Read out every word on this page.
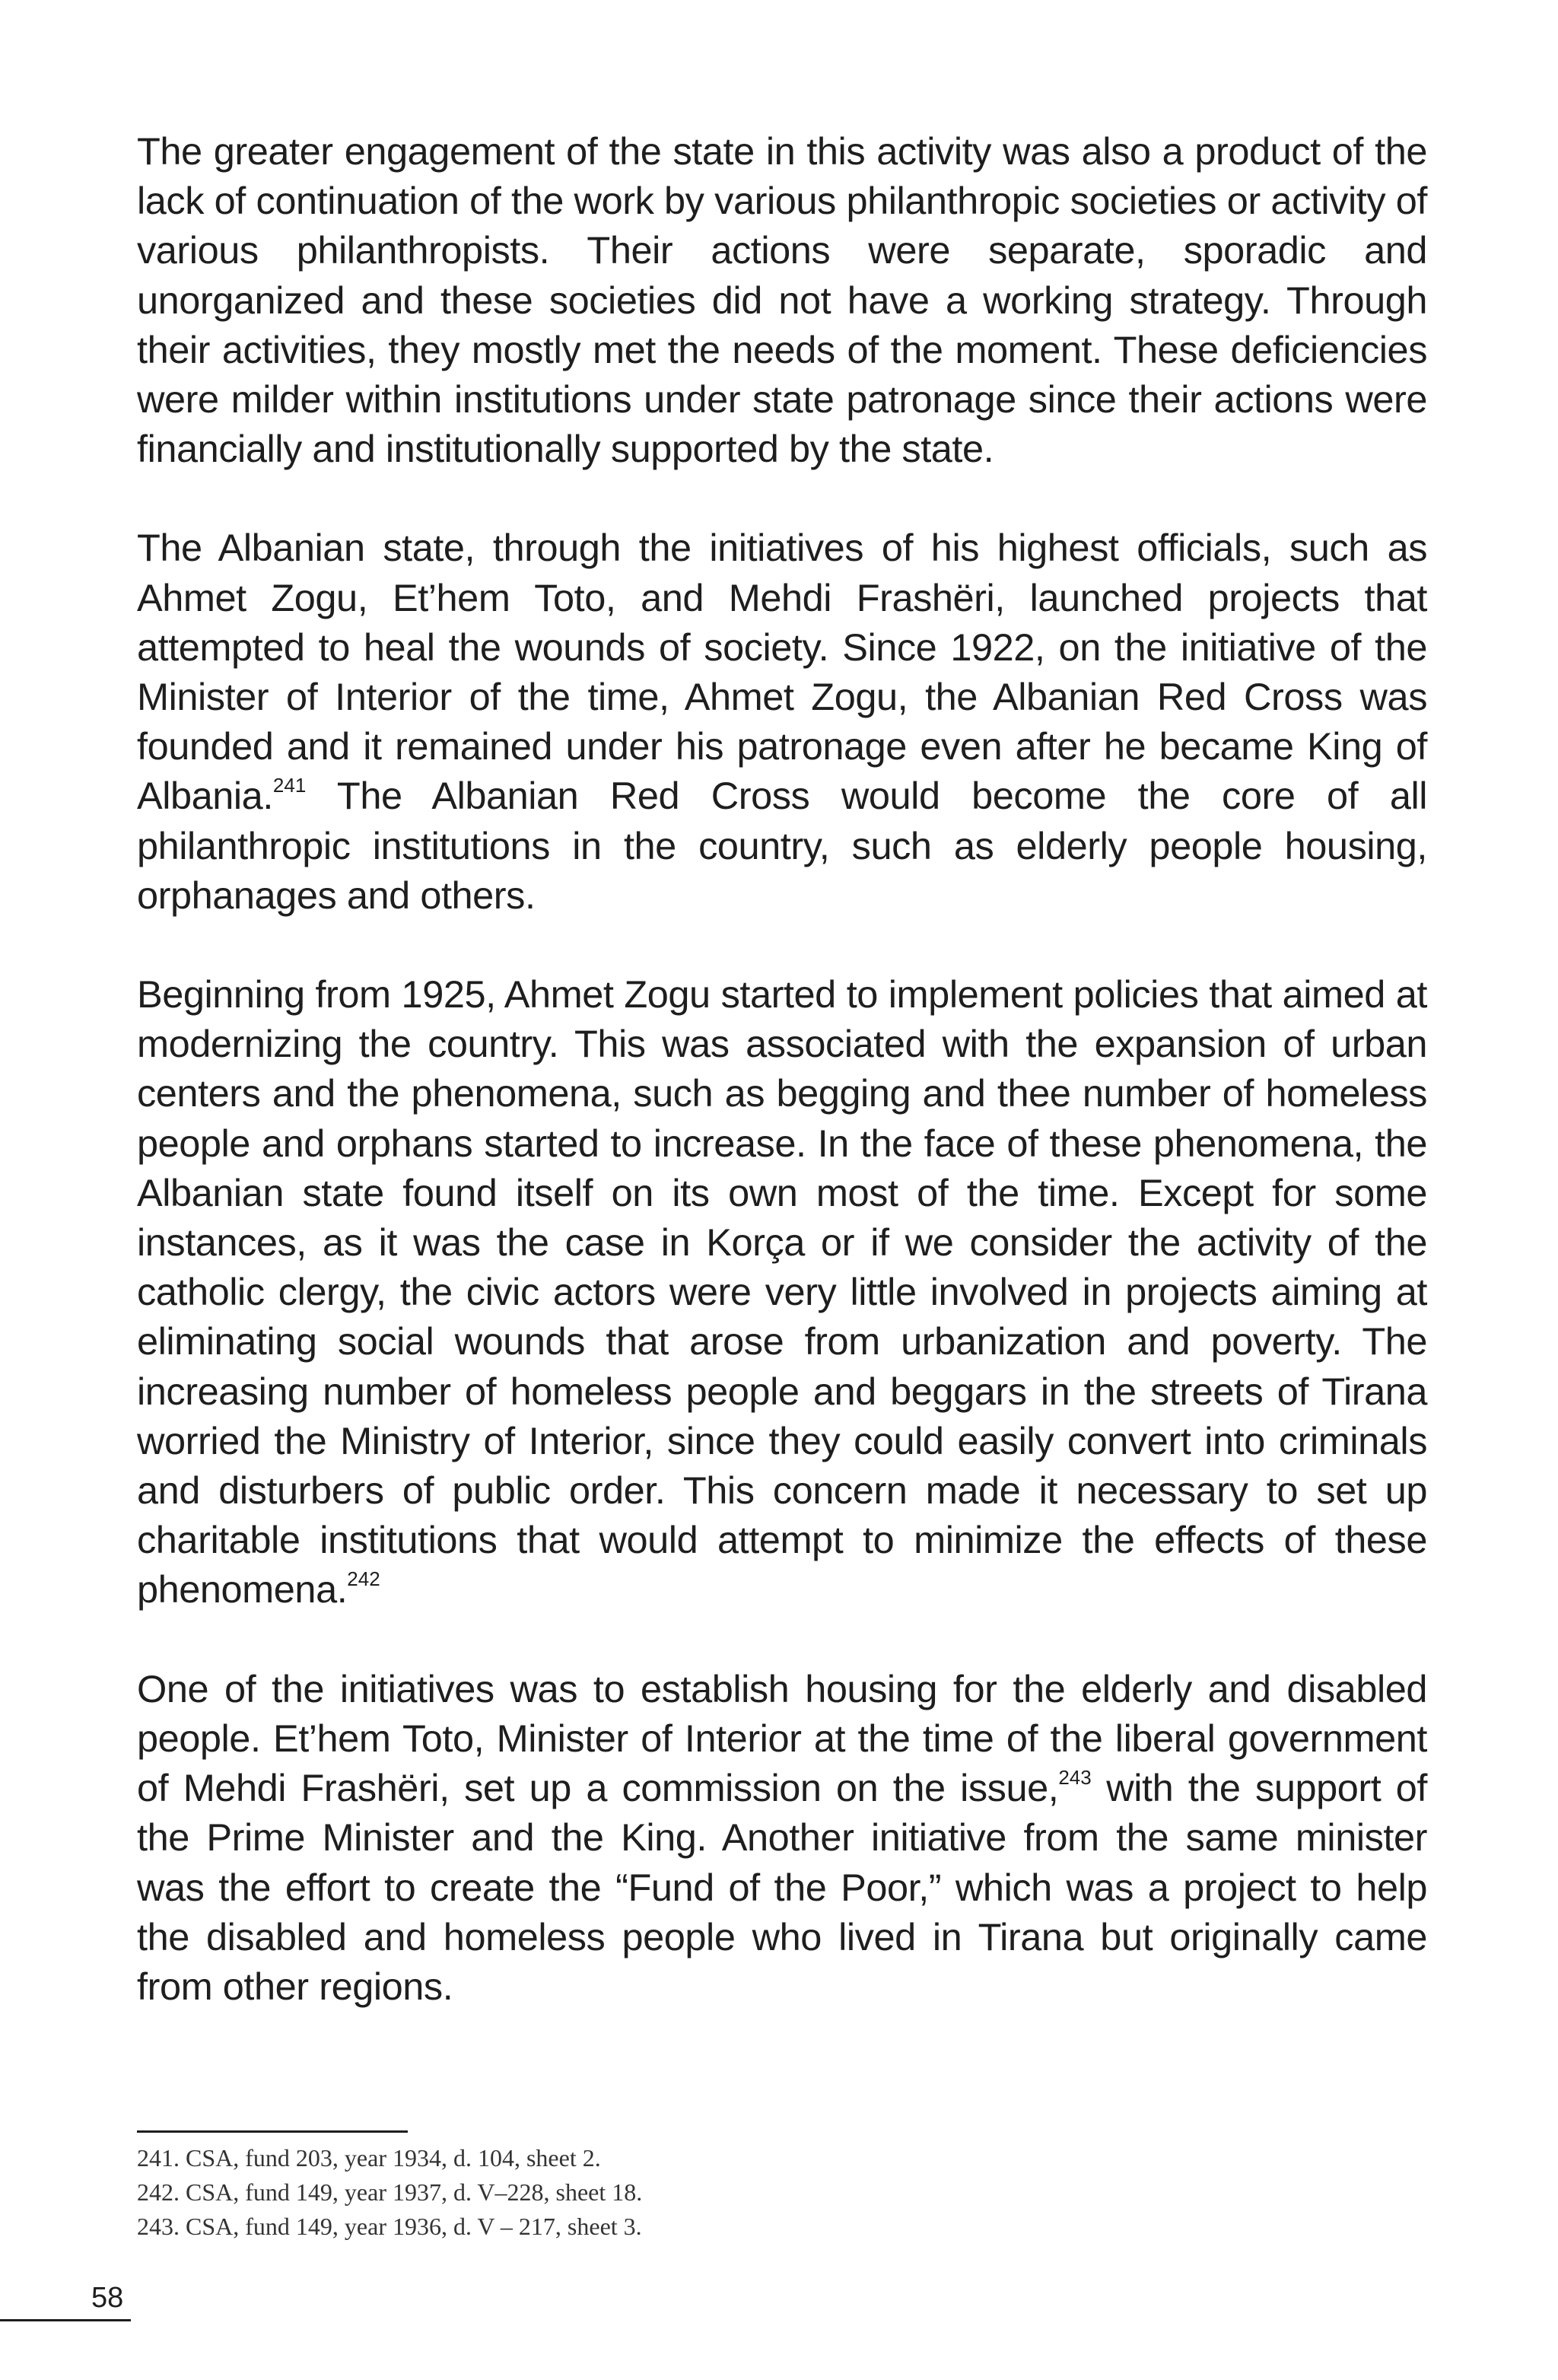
The greater engagement of the state in this activity was also a product of the lack of continuation of the work by various philanthropic societies or activity of various philanthropists. Their actions were separate, sporadic and unorganized and these societies did not have a working strategy. Through their activities, they mostly met the needs of the moment. These deficiencies were milder within institutions under state patronage since their actions were financially and institutionally supported by the state.

The Albanian state, through the initiatives of his highest officials, such as Ahmet Zogu, Et’hem Toto, and Mehdi Frashëri, launched projects that attempted to heal the wounds of society. Since 1922, on the initiative of the Minister of Interior of the time, Ahmet Zogu, the Albanian Red Cross was founded and it remained under his patronage even after he became King of Albania.$^{241}$ The Albanian Red Cross would become the core of all philanthropic institutions in the country, such as elderly people housing, orphanages and others.

Beginning from 1925, Ahmet Zogu started to implement policies that aimed at modernizing the country. This was associated with the expansion of urban centers and the phenomena, such as begging and thee number of homeless people and orphans started to increase. In the face of these phenomena, the Albanian state found itself on its own most of the time. Except for some instances, as it was the case in Korça or if we consider the activity of the catholic clergy, the civic actors were very little involved in projects aiming at eliminating social wounds that arose from urbanization and poverty. The increasing number of homeless people and beggars in the streets of Tirana worried the Ministry of Interior, since they could easily convert into criminals and disturbers of public order. This concern made it necessary to set up charitable institutions that would attempt to minimize the effects of these phenomena.$^{242}$

One of the initiatives was to establish housing for the elderly and disabled people. Et’hem Toto, Minister of Interior at the time of the liberal government of Mehdi Frashëri, set up a commission on the issue,$^{243}$ with the support of the Prime Minister and the King. Another initiative from the same minister was the effort to create the “Fund of the Poor,” which was a project to help the disabled and homeless people who lived in Tirana but originally came from other regions.

241. CSA, fund 203, year 1934, d. 104, sheet 2.

242. CSA, fund 149, year 1937, d. V–228, sheet 18.

243. CSA, fund 149, year 1936, d. V – 217, sheet 3.

58
